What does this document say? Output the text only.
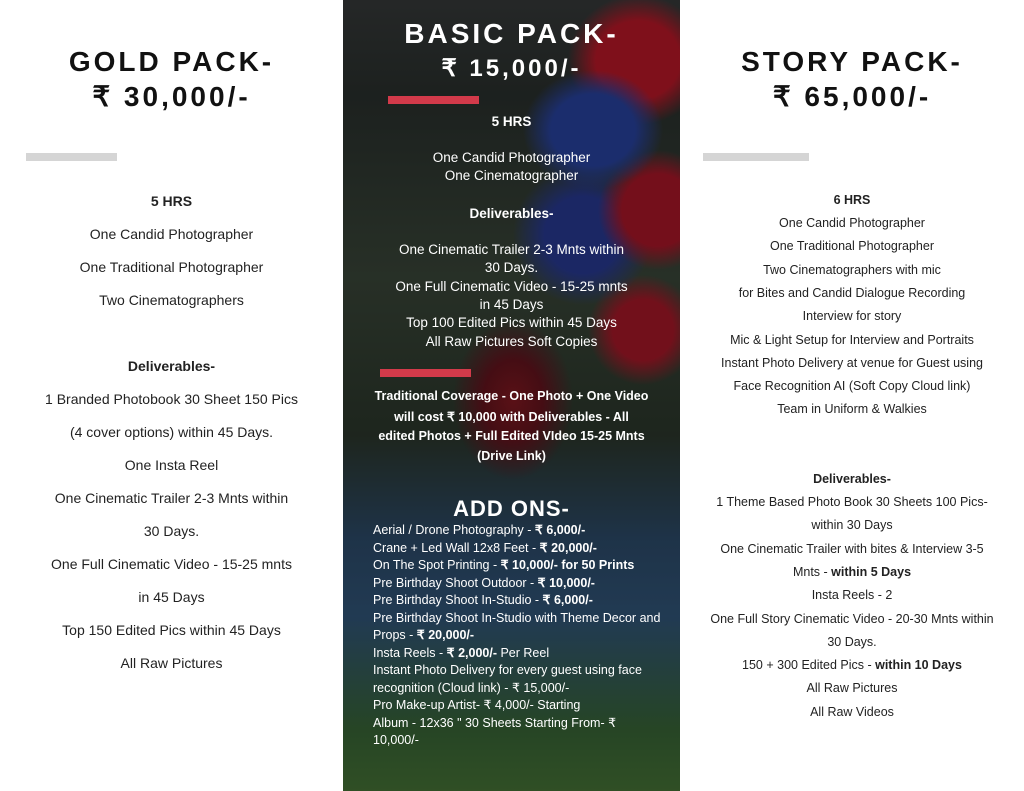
GOLD PACK-
₹ 30,000/-
5 HRS
One Candid Photographer
One Traditional Photographer
Two Cinematographers
Deliverables-
1 Branded Photobook 30 Sheet 150 Pics
(4 cover options) within 45 Days.
One Insta Reel
One Cinematic Trailer 2-3 Mnts within
30 Days.
One Full Cinematic Video - 15-25 mnts
in 45 Days
Top 150 Edited Pics within 45 Days
All Raw Pictures
BASIC PACK-
₹ 15,000/-
5 HRS
One Candid Photographer
One Cinematographer
Deliverables-
One Cinematic Trailer 2-3 Mnts within
30 Days.
One Full Cinematic Video - 15-25 mnts
in 45 Days
Top 100 Edited Pics within 45 Days
All Raw Pictures Soft Copies
Traditional Coverage - One Photo + One Video
will cost ₹ 10,000 with Deliverables - All
edited Photos + Full Edited VIdeo 15-25 Mnts
(Drive Link)
ADD ONS-
Aerial / Drone Photography - ₹ 6,000/-
Crane + Led Wall 12x8 Feet - ₹ 20,000/-
On The Spot Printing - ₹ 10,000/- for 50 Prints
Pre Birthday Shoot Outdoor - ₹ 10,000/-
Pre Birthday Shoot In-Studio - ₹ 6,000/-
Pre Birthday Shoot In-Studio with Theme Decor and Props - ₹ 20,000/-
Insta Reels - ₹ 2,000/- Per Reel
Instant Photo Delivery for every guest using face recognition (Cloud link) - ₹ 15,000/-
Pro Make-up Artist- ₹ 4,000/- Starting
Album - 12x36 " 30 Sheets Starting From- ₹ 10,000/-
STORY PACK-
₹ 65,000/-
6 HRS
One Candid Photographer
One Traditional Photographer
Two Cinematographers with mic
for Bites and Candid Dialogue Recording
Interview for story
Mic & Light Setup for Interview and Portraits
Instant Photo Delivery at venue for Guest using
Face Recognition AI (Soft Copy Cloud link)
Team in Uniform & Walkies
Deliverables-
1 Theme Based Photo Book 30 Sheets 100 Pics-
within 30 Days
One Cinematic Trailer with bites & Interview 3-5
Mnts - within 5 Days
Insta Reels - 2
One Full Story Cinematic Video - 20-30 Mnts within
30 Days.
150 + 300 Edited Pics - within 10 Days
All Raw Pictures
All Raw Videos
